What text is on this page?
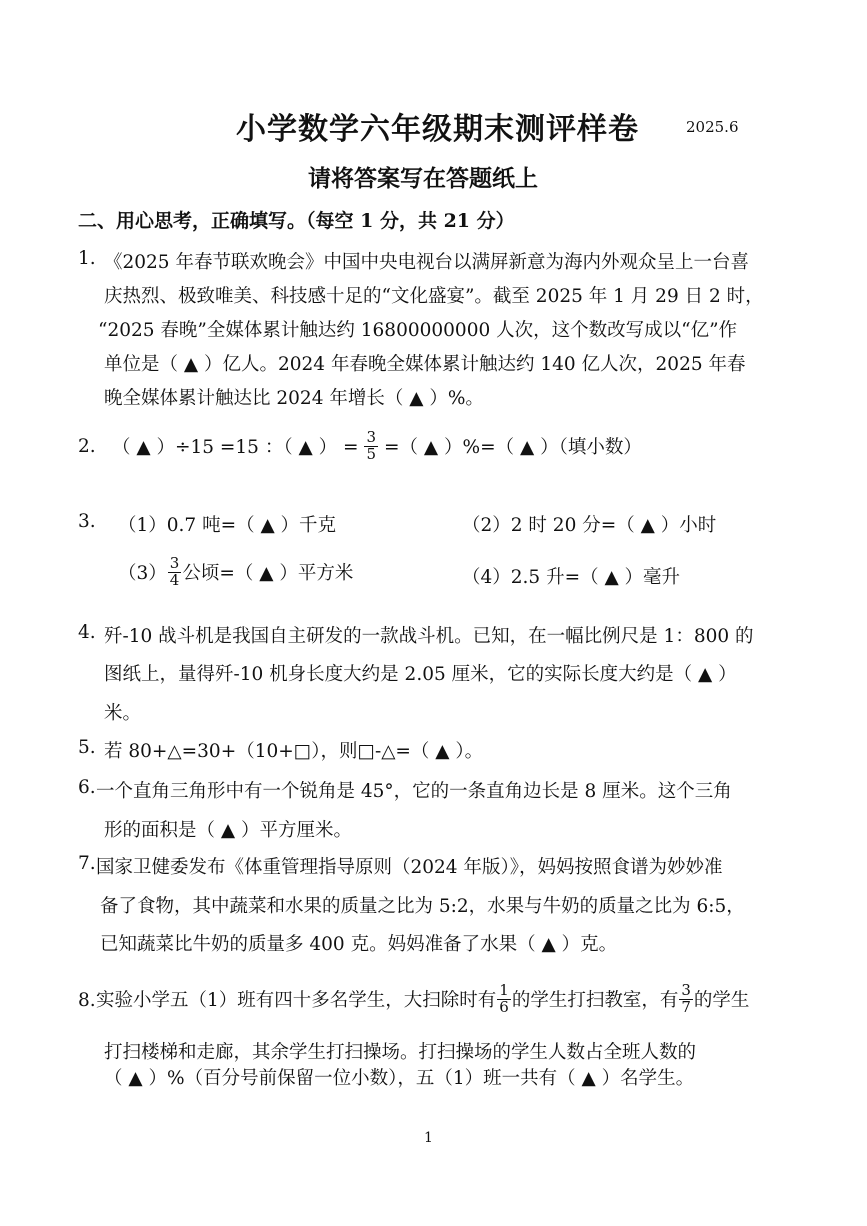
小学数学六年级期末测评样卷	2025.6
请将答案写在答题纸上
二、用心思考，正确填写。（每空 1 分，共 21 分）
1. 《2025 年春节联欢晚会》中国中央电视台以满屏新意为海内外观众呈上一台喜
庆热烈、极致唯美、科技感十足的“文化盛宴”。截至 2025 年 1 月 29 日 2 时，
“2025 春晚”全媒体累计触达约 16800000000 人次，这个数改写成以“亿”作
单位是（ ▲ ）亿人。2024 年春晚全媒体累计触达约 140 亿人次，2025 年春
晚全媒体累计触达比 2024 年增长（ ▲ ）%。
2. （ ▲ ）÷15 =15 ：（ ▲ ） = $\frac{3}{5}$ =（ ▲ ）%=（ ▲ ）（填小数）
3. （1）0.7 吨=（ ▲ ）千克	（2）2 时 20 分=（ ▲ ）小时
$(3) \frac{3}{4}$ 公顷=（ ▲ ）平方米	（4）2.5 升=（ ▲ ）毫升
4. 歼-10 战斗机是我国自主研发的一款战斗机。已知，在一幅比例尺是 1：800 的
图纸上，量得歼-10 机身长度大约是 2.05 厘米，它的实际长度大约是（ ▲ ）
米。
5. 若 80+△=30+（10+□），则□-△=（ ▲ ）。
6. 一个直角三角形中有一个锐角是 45°，它的一条直角边长是 8 厘米。这个三角
形的面积是（ ▲ ）平方厘米。
7. 国家卫健委发布《体重管理指导原则（2024 年版）》，妈妈按照食谱为妙妙准
备了食物，其中蔬菜和水果的质量之比为 5:2，水果与牛奶的质量之比为 6:5，
已知蔬菜比牛奶的质量多 400 克。妈妈准备了水果（ ▲ ）克。
8. 实验小学五（1）班有四十多名学生，大扫除时有 $\frac{1}{6}$ 的学生打扫教室，有 $\frac{3}{7}$ 的学生
打扫楼梯和走廊，其余学生打扫操场。打扫操场的学生人数占全班人数的
（ ▲ ）%（百分号前保留一位小数），五（1）班一共有（ ▲ ）名学生。
1
